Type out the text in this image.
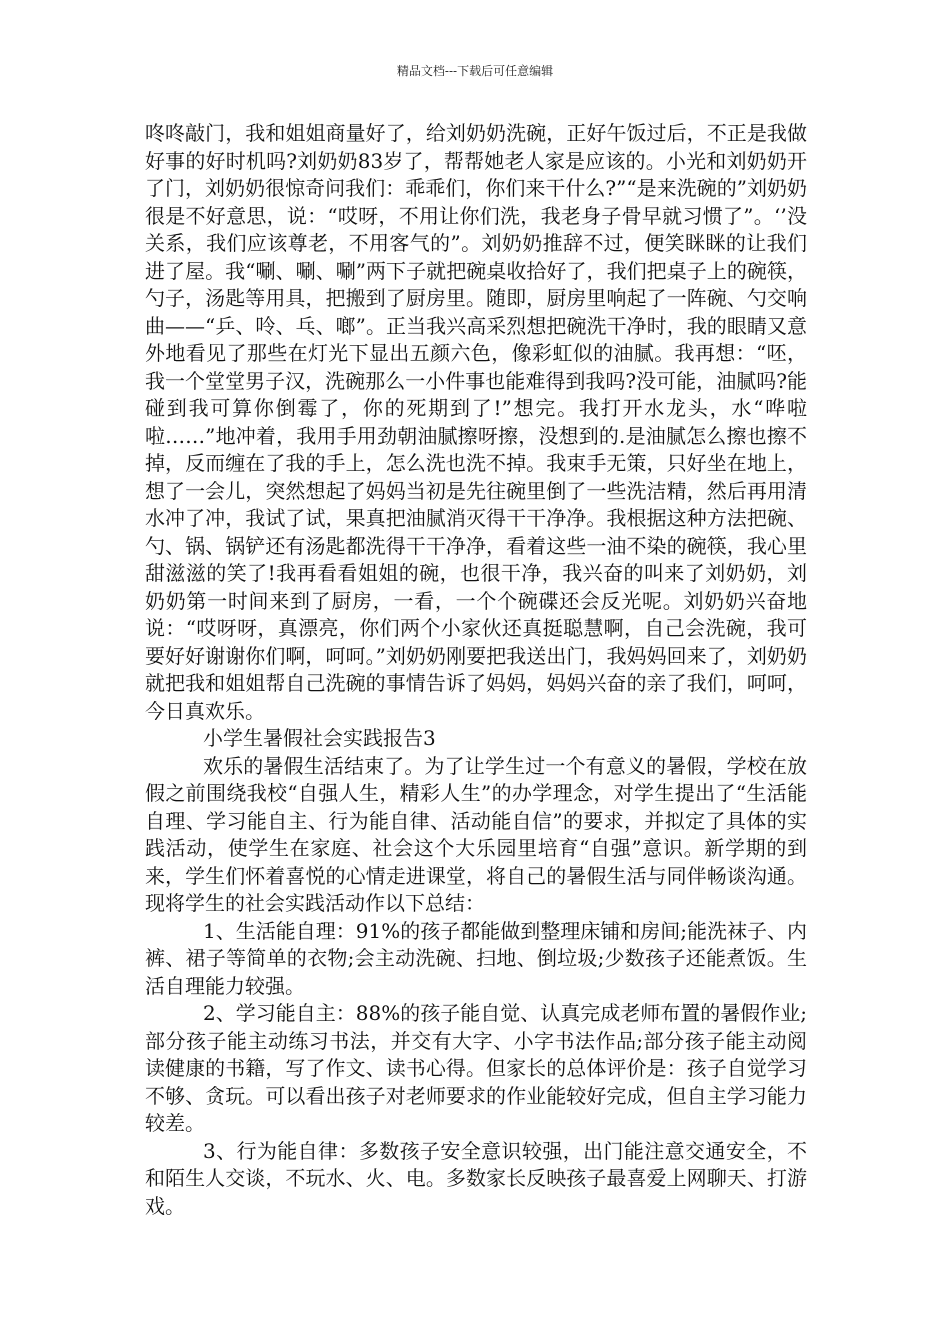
精品文档---下载后可任意编辑

咚咚敲门，我和姐姐商量好了，给刘奶奶洗碗，正好午饭过后，不正是我做好事的好时机吗?刘奶奶83岁了，帮帮她老人家是应该的。小光和刘奶奶开了门，刘奶奶很惊奇问我们：乖乖们，你们来干什么?”“是来洗碗的”刘奶奶很是不好意思，说：“哎呀，不用让你们洗，我老身子骨早就习惯了”。‘’没关系，我们应该尊老，不用客气的”。刘奶奶推辞不过，便笑眯眯的让我们进了屋。我“唰、唰、唰”两下子就把碗桌收拾好了，我们把桌子上的碗筷，勺子，汤匙等用具，把搬到了厨房里。随即，厨房里响起了一阵碗、勺交响曲——“乒、呤、乓、啷”。正当我兴高采烈想把碗洗干净时，我的眼睛又意外地看见了那些在灯光下显出五颜六色，像彩虹似的油腻。我再想：“呸，我一个堂堂男子汉，洗碗那么一小件事也能难得到我吗?没可能，油腻吗?能碰到我可算你倒霉了，你的死期到了!”想完。我打开水龙头，水“哗啦啦……”地冲着，我用手用劲朝油腻擦呀擦，没想到的.是油腻怎么擦也擦不掉，反而缠在了我的手上，怎么洗也洗不掉。我束手无策，只好坐在地上，想了一会儿，突然想起了妈妈当初是先往碗里倒了一些洗洁精，然后再用清水冲了冲，我试了试，果真把油腻消灭得干干净净。我根据这种方法把碗、勺、锅、锅铲还有汤匙都洗得干干净净，看着这些一油不染的碗筷，我心里甜滋滋的笑了!我再看看姐姐的碗，也很干净，我兴奋的叫来了刘奶奶，刘奶奶第一时间来到了厨房，一看，一个个碗碟还会反光呢。刘奶奶兴奋地说：“哎呀呀，真漂亮，你们两个小家伙还真挺聪慧啊，自己会洗碗，我可要好好谢谢你们啊，呵呵。”刘奶奶刚要把我送出门，我妈妈回来了，刘奶奶就把我和姐姐帮自己洗碗的事情告诉了妈妈，妈妈兴奋的亲了我们，呵呵，今日真欢乐。

小学生暑假社会实践报告3

欢乐的暑假生活结束了。为了让学生过一个有意义的暑假，学校在放假之前围绕我校“自强人生，精彩人生”的办学理念，对学生提出了“生活能自理、学习能自主、行为能自律、活动能自信”的要求，并拟定了具体的实践活动，使学生在家庭、社会这个大乐园里培育“自强”意识。新学期的到来，学生们怀着喜悦的心情走进课堂，将自己的暑假生活与同伴畅谈沟通。现将学生的社会实践活动作以下总结：

1、生活能自理：91%的孩子都能做到整理床铺和房间;能洗袜子、内裤、裙子等简单的衣物;会主动洗碗、扫地、倒垃圾;少数孩子还能煮饭。生活自理能力较强。

2、学习能自主：88%的孩子能自觉、认真完成老师布置的暑假作业;部分孩子能主动练习书法，并交有大字、小字书法作品;部分孩子能主动阅读健康的书籍，写了作文、读书心得。但家长的总体评价是：孩子自觉学习不够、贪玩。可以看出孩子对老师要求的作业能较好完成，但自主学习能力较差。

3、行为能自律：多数孩子安全意识较强，出门能注意交通安全，不和陌生人交谈，不玩水、火、电。多数家长反映孩子最喜爱上网聊天、打游戏。
